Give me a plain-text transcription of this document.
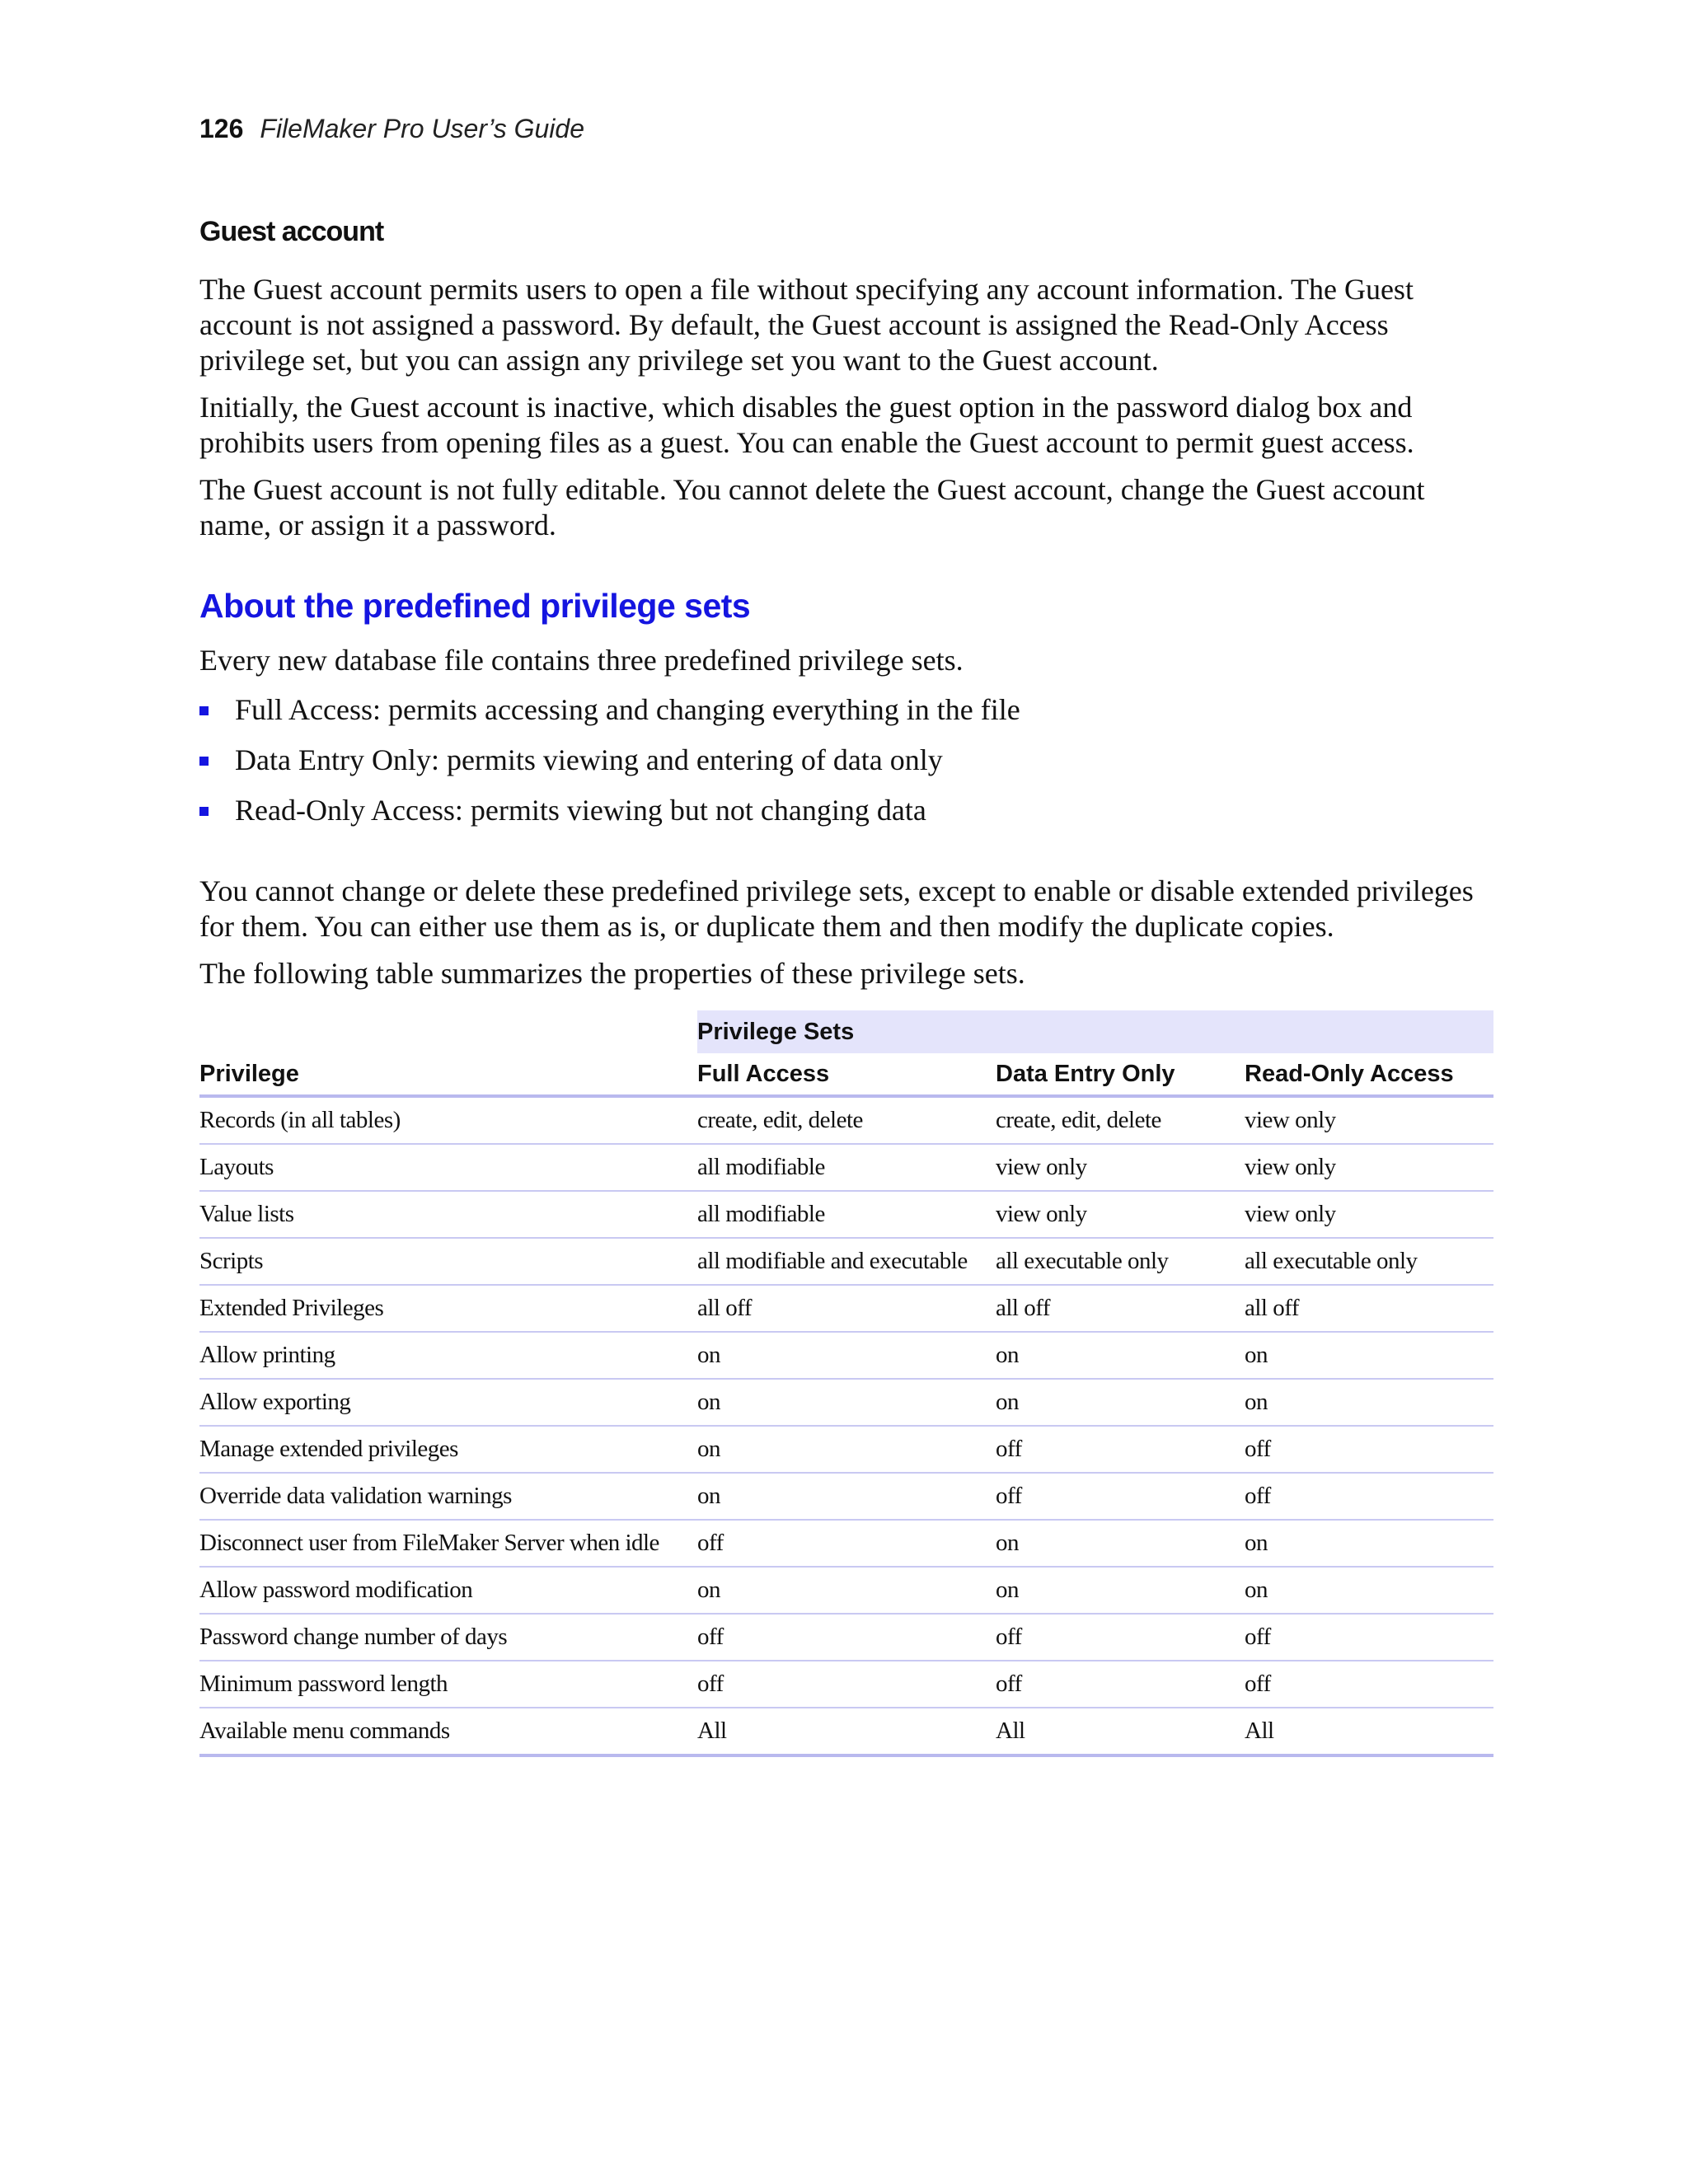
126 FileMaker Pro User’s Guide
Guest account

The Guest account permits users to open a file without specifying any account information. The Guest account is not assigned a password. By default, the Guest account is assigned the Read-Only Access privilege set, but you can assign any privilege set you want to the Guest account.

Initially, the Guest account is inactive, which disables the guest option in the password dialog box and prohibits users from opening files as a guest. You can enable the Guest account to permit guest access.

The Guest account is not fully editable. You cannot delete the Guest account, change the Guest account name, or assign it a password.

About the predefined privilege sets

Every new database file contains three predefined privilege sets.

Full Access: permits accessing and changing everything in the file
Data Entry Only: permits viewing and entering of data only
Read-Only Access: permits viewing but not changing data

You cannot change or delete these predefined privilege sets, except to enable or disable extended privileges for them. You can either use them as is, or duplicate them and then modify the duplicate copies.

The following table summarizes the properties of these privilege sets.

	Privilege Sets		
Privilege	Full Access	Data Entry Only	Read-Only Access
Records (in all tables)	create, edit, delete	create, edit, delete	view only
Layouts	all modifiable	view only	view only
Value lists	all modifiable	view only	view only
Scripts	all modifiable and executable	all executable only	all executable only
Extended Privileges	all off	all off	all off
Allow printing	on	on	on
Allow exporting	on	on	on
Manage extended privileges	on	off	off
Override data validation warnings	on	off	off
Disconnect user from FileMaker Server when idle	off	on	on
Allow password modification	on	on	on
Password change number of days	off	off	off
Minimum password length	off	off	off
Available menu commands	All	All	All
